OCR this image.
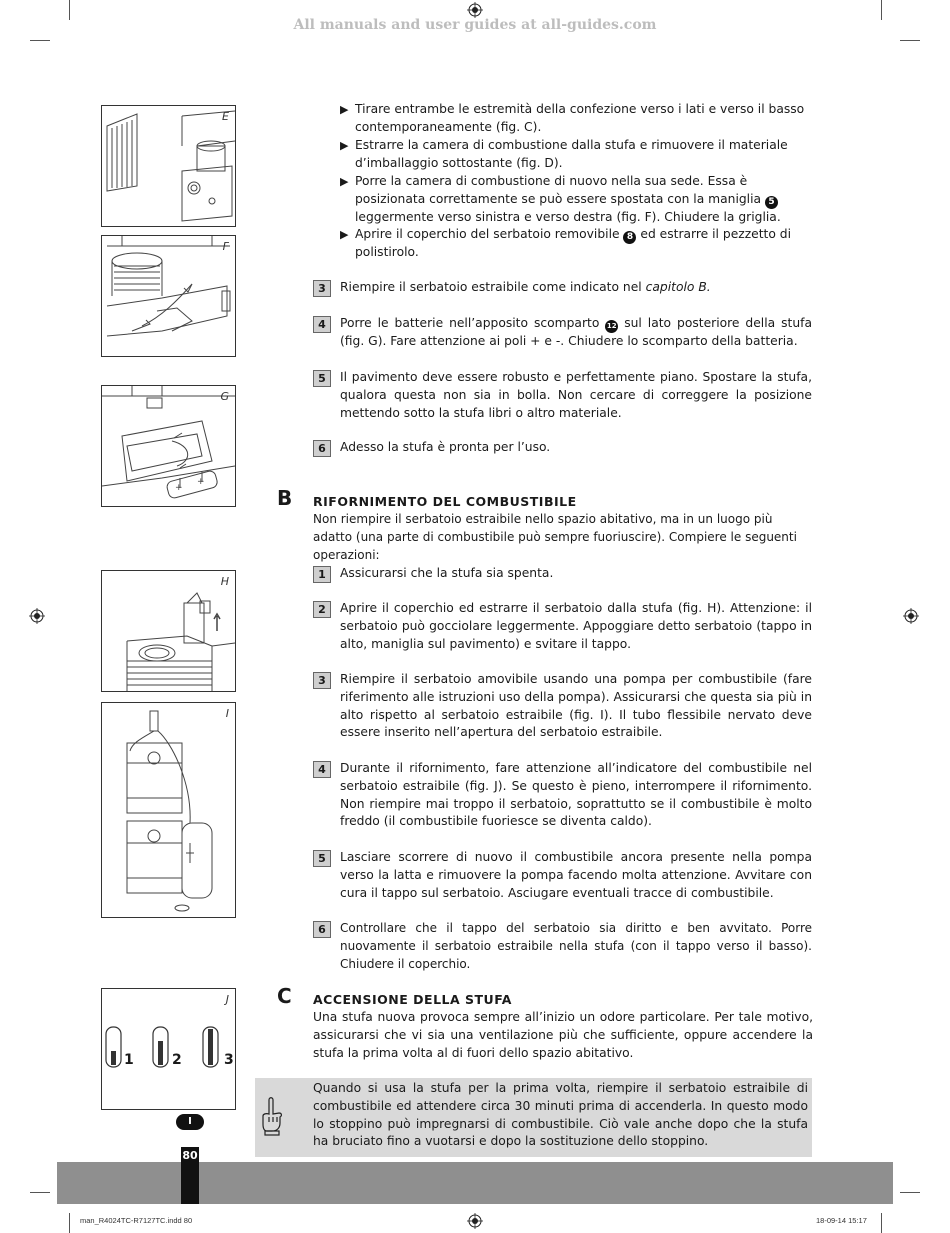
All manuals and user guides at all-guides.com
E
F
+
+
G
H
I
J
1	2	3
▶ Tirare entrambe le estremità della confezione verso i lati e verso il basso contemporaneamente (fig. C).
▶ Estrarre la camera di combustione dalla stufa e rimuovere il materiale d’imballaggio sottostante (fig. D).
▶ Porre la camera di combustione di nuovo nella sua sede. Essa è posizionata correttamente se può essere spostata con la maniglia 5 leggermente verso sinistra e verso destra (fig. F). Chiudere la griglia.
▶ Aprire il coperchio del serbatoio removibile 8 ed estrarre il pezzetto di polistirolo.
3	Riempire il serbatoio estraibile come indicato nel capitolo B.
4	Porre le batterie nell’apposito scomparto 12 sul lato posteriore della stufa (fig. G). Fare attenzione ai poli + e -. Chiudere lo scomparto della batteria.
5	Il pavimento deve essere robusto e perfettamente piano. Spostare la stufa, qualora questa non sia in bolla. Non cercare di correggere la posizione mettendo sotto la stufa libri o altro materiale.
6	Adesso la stufa è pronta per l’uso.
B RIFORNIMENTO DEL COMBUSTIBILE
Non riempire il serbatoio estraibile nello spazio abitativo, ma in un luogo più adatto (una parte di combustibile può sempre fuoriuscire). Compiere le seguenti operazioni:
1	Assicurarsi che la stufa sia spenta.
2	Aprire il coperchio ed estrarre il serbatoio dalla stufa (fig. H). Attenzione: il serbatoio può gocciolare leggermente. Appoggiare detto serbatoio (tappo in alto, maniglia sul pavimento) e svitare il tappo.
3	Riempire il serbatoio amovibile usando una pompa per combustibile (fare riferimento alle istruzioni uso della pompa). Assicurarsi che questa sia più in alto rispetto al serbatoio estraibile (fig. I). Il tubo flessibile nervato deve essere inserito nell’apertura del serbatoio estraibile.
4	Durante il rifornimento, fare attenzione all’indicatore del combustibile nel serbatoio estraibile (fig. J). Se questo è pieno, interrompere il rifornimento. Non riempire mai troppo il serbatoio, soprattutto se il combustibile è molto freddo (il combustibile fuoriesce se diventa caldo).
5	Lasciare scorrere di nuovo il combustibile ancora presente nella pompa verso la latta e rimuovere la pompa facendo molta attenzione. Avvitare con cura il tappo sul serbatoio. Asciugare eventuali tracce di combustibile.
6	Controllare che il tappo del serbatoio sia diritto e ben avvitato. Porre nuovamente il serbatoio estraibile nella stufa (con il tappo verso il basso). Chiudere il coperchio.
C ACCENSIONE DELLA STUFA
Una stufa nuova provoca sempre all’inizio un odore particolare. Per tale motivo, assicurarsi che vi sia una ventilazione più che sufficiente, oppure accendere la stufa la prima volta al di fuori dello spazio abitativo.
Quando si usa la stufa per la prima volta, riempire il serbatoio estraibile di combustibile ed attendere circa 30 minuti prima di accenderla. In questo modo lo stoppino può impregnarsi di combustibile. Ciò vale anche dopo che la stufa ha bruciato fino a vuotarsi e dopo la sostituzione dello stoppino.
I
80
man_R4024TC-R7127TC.indd 80	18-09-14 15:17
